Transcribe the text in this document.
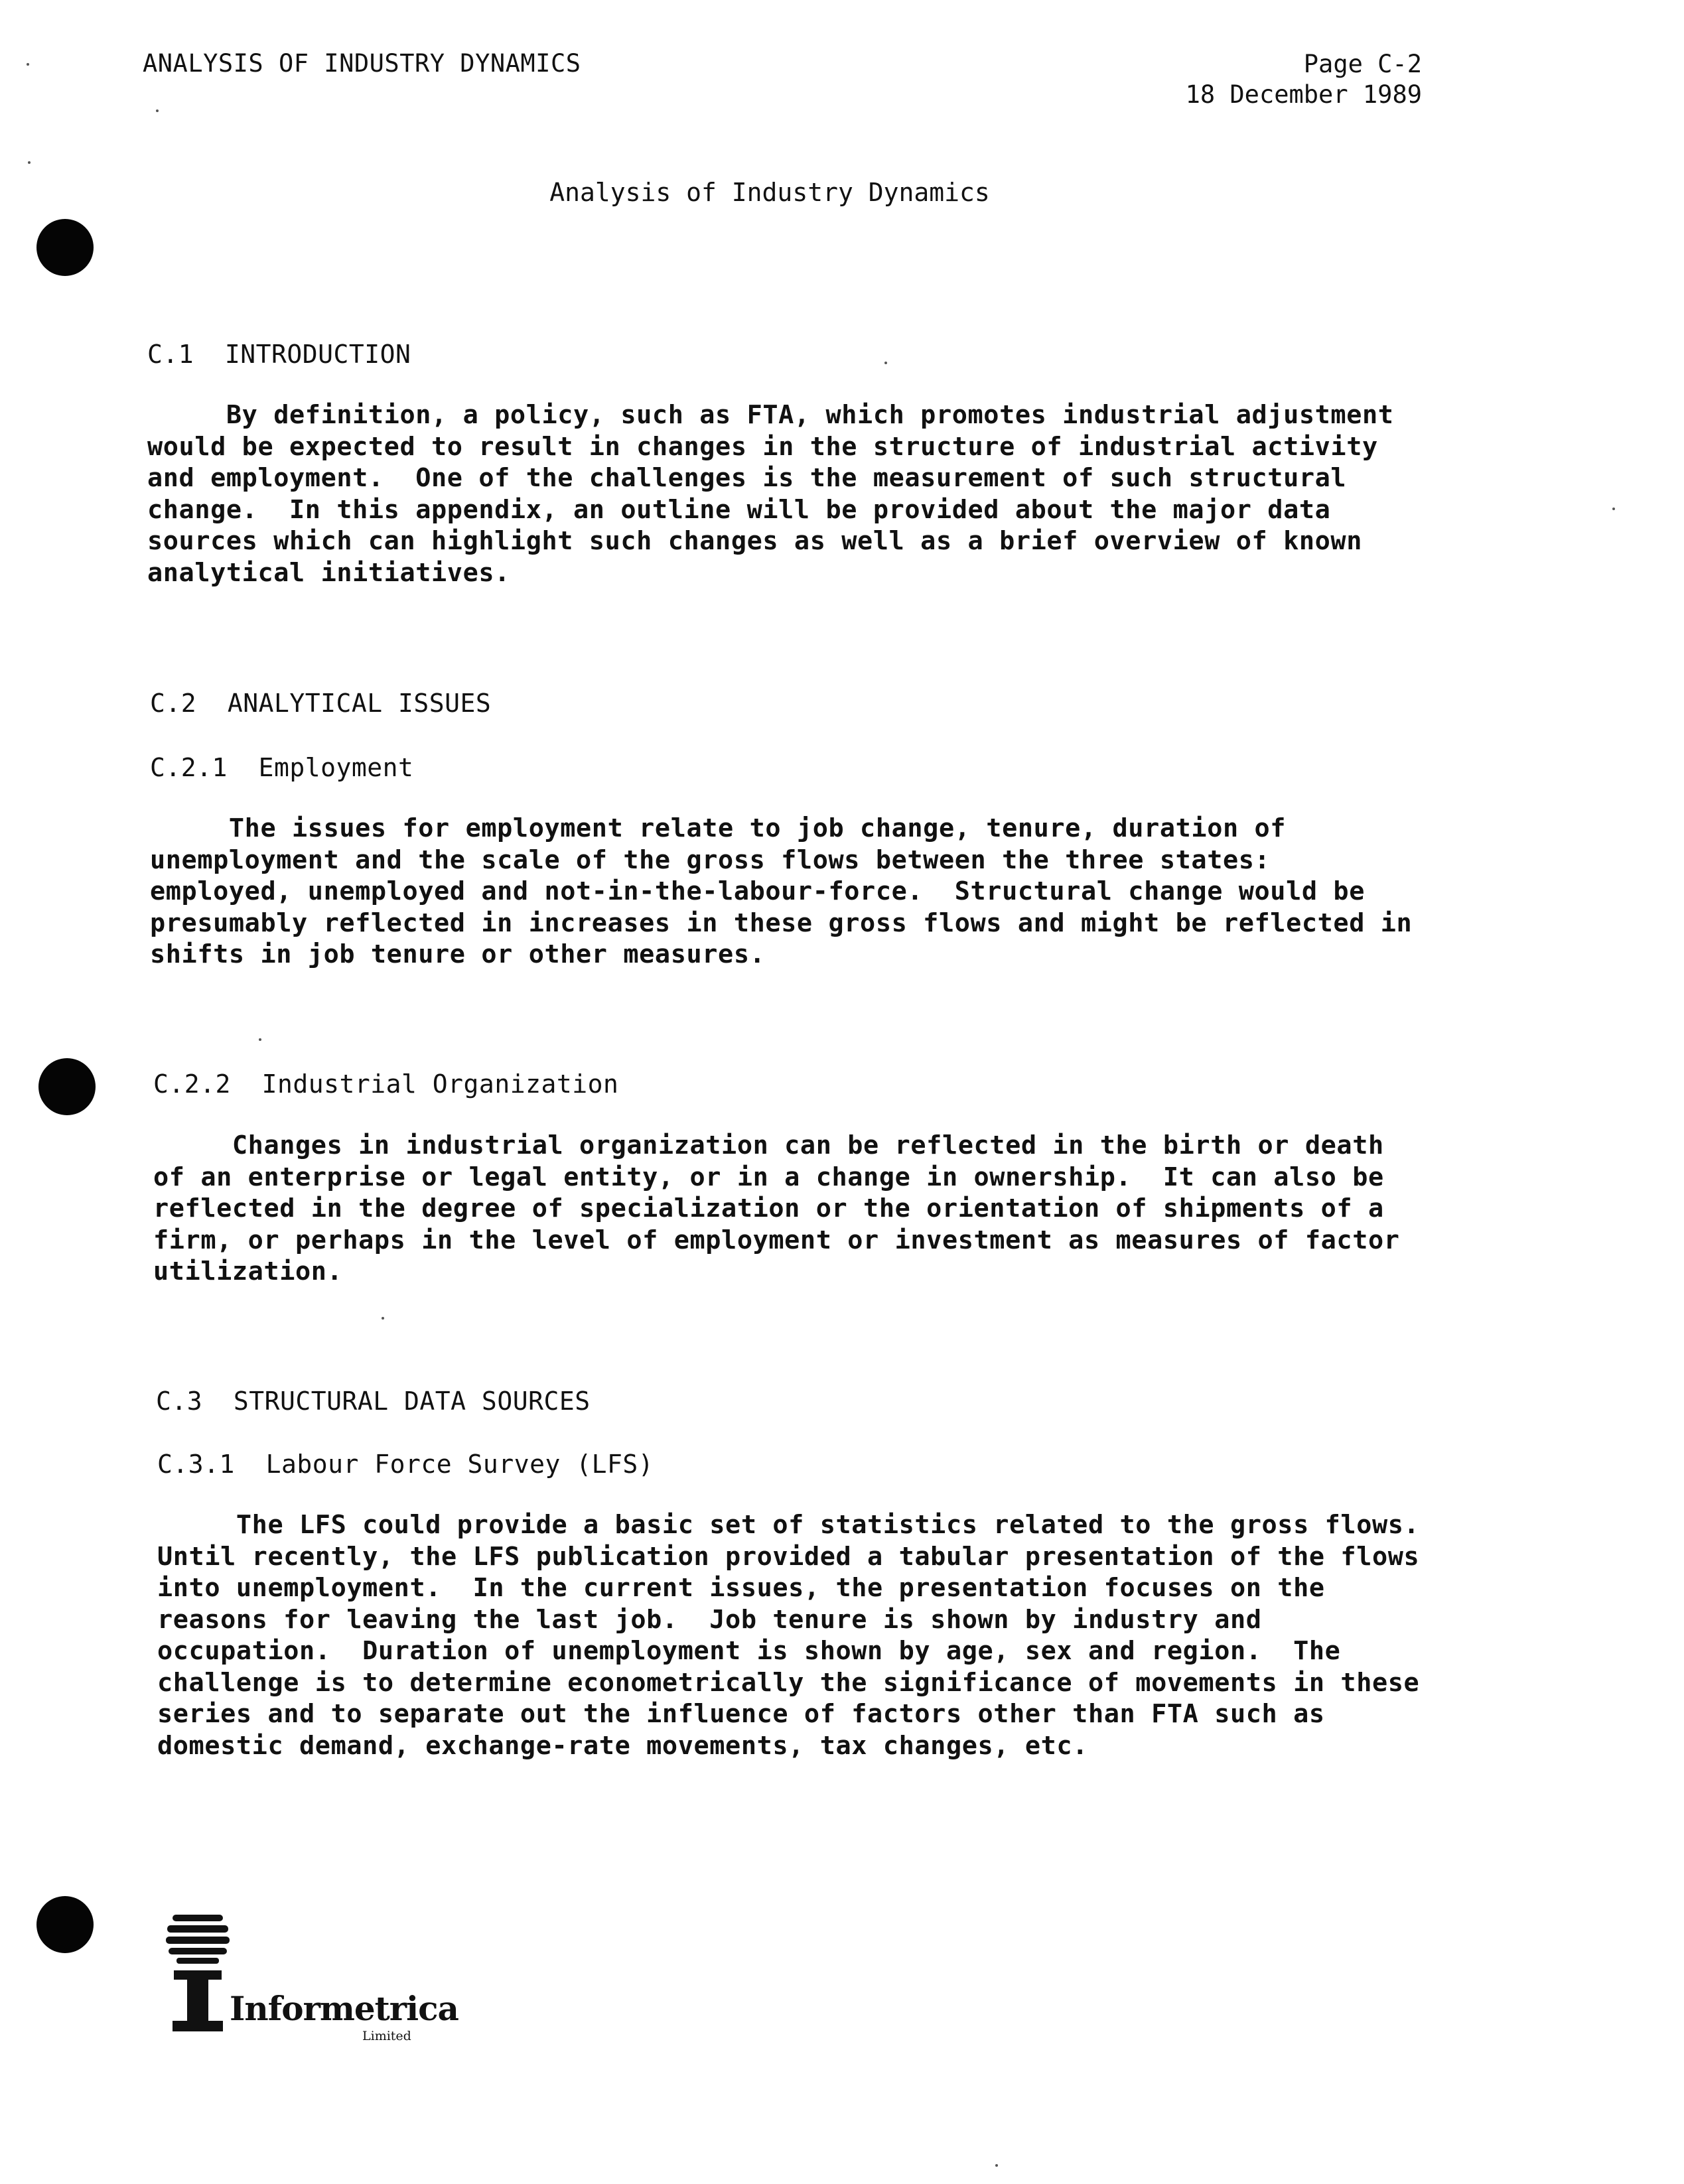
ANALYSIS OF INDUSTRY DYNAMICS	Page C-2
18 December 1989
Analysis of Industry Dynamics
C.1  INTRODUCTION
By definition, a policy, such as FTA, which promotes industrial adjustment
would be expected to result in changes in the structure of industrial activity
and employment.  One of the challenges is the measurement of such structural
change.  In this appendix, an outline will be provided about the major data
sources which can highlight such changes as well as a brief overview of known
analytical initiatives.
C.2  ANALYTICAL ISSUES
C.2.1  Employment
The issues for employment relate to job change, tenure, duration of
unemployment and the scale of the gross flows between the three states:
employed, unemployed and not-in-the-labour-force.  Structural change would be
presumably reflected in increases in these gross flows and might be reflected in
shifts in job tenure or other measures.
C.2.2  Industrial Organization
Changes in industrial organization can be reflected in the birth or death
of an enterprise or legal entity, or in a change in ownership.  It can also be
reflected in the degree of specialization or the orientation of shipments of a
firm, or perhaps in the level of employment or investment as measures of factor
utilization.
C.3  STRUCTURAL DATA SOURCES
C.3.1  Labour Force Survey (LFS)
The LFS could provide a basic set of statistics related to the gross flows.
Until recently, the LFS publication provided a tabular presentation of the flows
into unemployment.  In the current issues, the presentation focuses on the
reasons for leaving the last job.  Job tenure is shown by industry and
occupation.  Duration of unemployment is shown by age, sex and region.  The
challenge is to determine econometrically the significance of movements in these
series and to separate out the influence of factors other than FTA such as
domestic demand, exchange-rate movements, tax changes, etc.
Informetrica
Limited
